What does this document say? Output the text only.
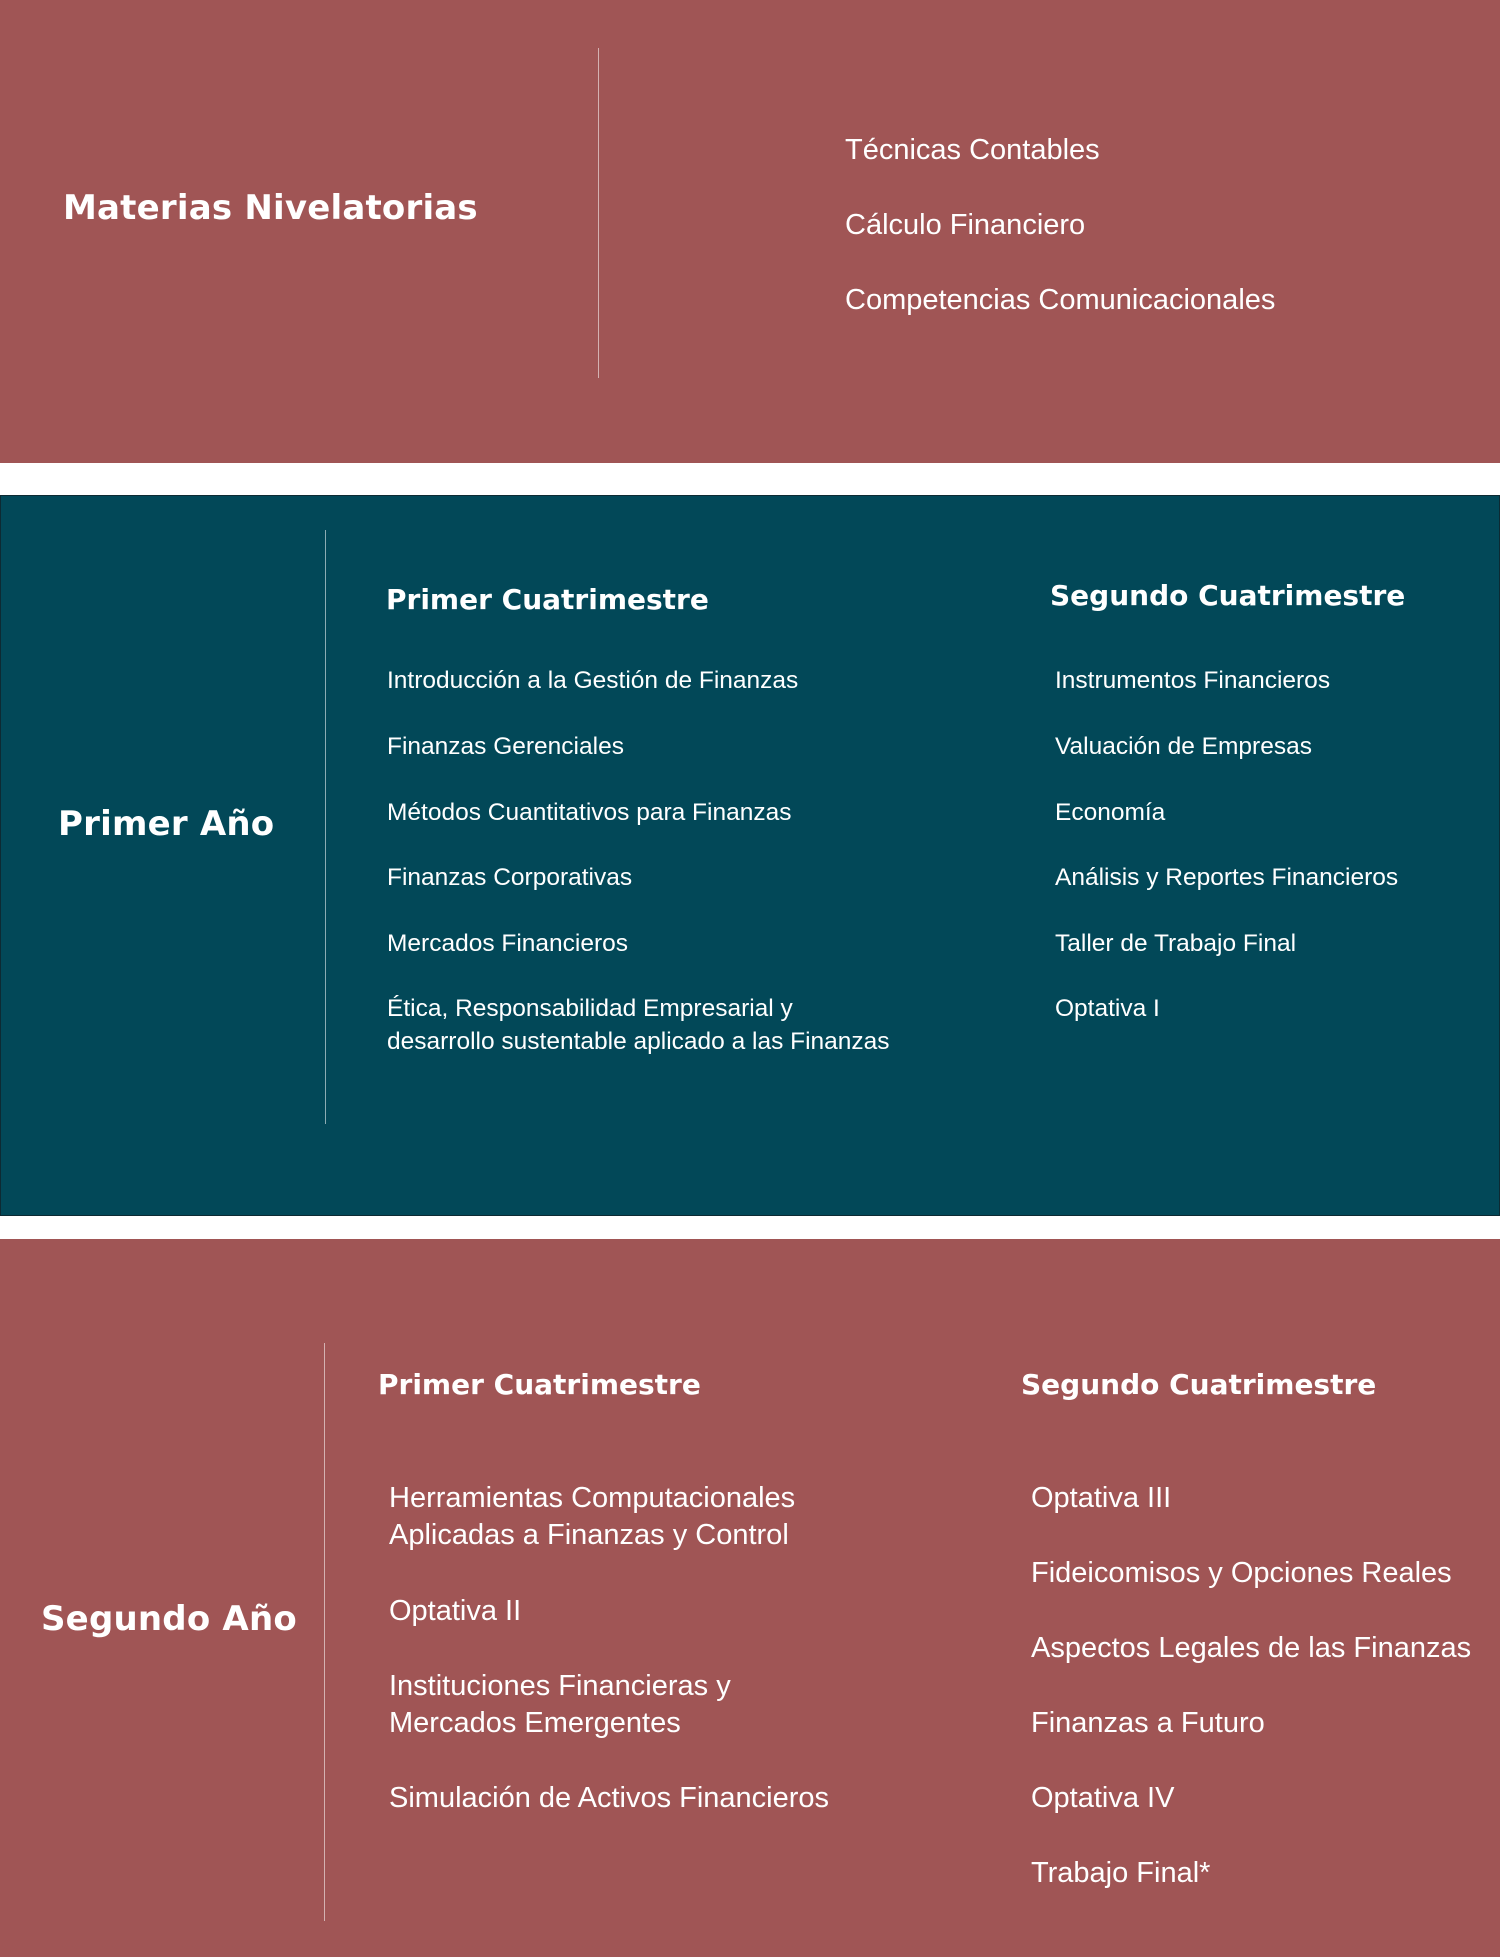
Materias Nivelatorias
Técnicas Contables
Cálculo Financiero
Competencias Comunicacionales
Primer Año
Primer Cuatrimestre
Introducción a la Gestión de Finanzas
Finanzas Gerenciales
Métodos Cuantitativos para Finanzas
Finanzas Corporativas
Mercados Financieros
Ética, Responsabilidad Empresarial y
desarrollo sustentable aplicado a las Finanzas
Segundo Cuatrimestre
Instrumentos Financieros
Valuación de Empresas
Economía
Análisis y Reportes Financieros
Taller de Trabajo Final
Optativa I
Segundo Año
Primer Cuatrimestre
Herramientas Computacionales
Aplicadas a Finanzas y Control
Optativa II
Instituciones Financieras y
Mercados Emergentes
Simulación de Activos Financieros
Segundo Cuatrimestre
Optativa III
Fideicomisos y Opciones Reales
Aspectos Legales de las Finanzas
Finanzas a Futuro
Optativa IV
Trabajo Final*
